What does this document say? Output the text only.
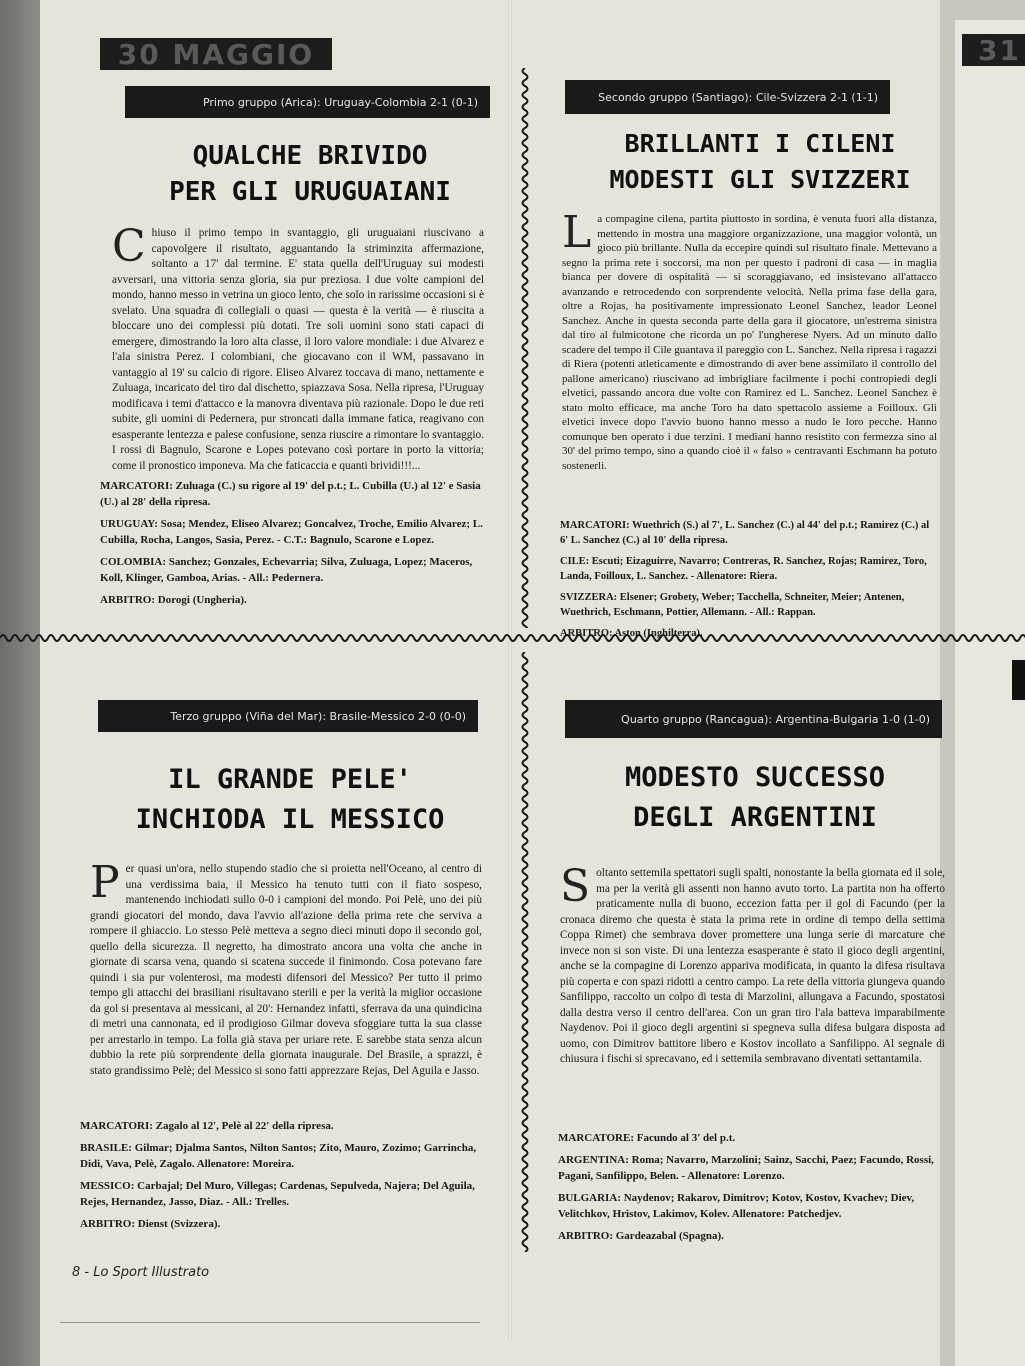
30 MAGGIO	31
Primo gruppo (Arica): Uruguay-Colombia 2-1 (0-1)
QUALCHE BRIVIDO
PER GLI URUGUAIANI
Chiuso il primo tempo in svantaggio, gli uruguaiani riuscivano a capovolgere il risultato, agguantando la striminzita affermazione, soltanto a 17' dal termine. E' stata quella dell'Uruguay sui modesti avversari, una vittoria senza gloria, sia pur preziosa. I due volte campioni del mondo, hanno messo in vetrina un gioco lento, che solo in rarissime occasioni si è svelato. Una squadra di collegiali o quasi — questa è la verità — è riuscita a bloccare uno dei complessi più dotati. Tre soli uomini sono stati capaci di emergere, dimostrando la loro alta classe, il loro valore mondiale: i due Alvarez e l'ala sinistra Perez. I colombiani, che giocavano con il WM, passavano in vantaggio al 19' su calcio di rigore. Eliseo Alvarez toccava di mano, nettamente e Zuluaga, incaricato del tiro dal dischetto, spiazzava Sosa. Nella ripresa, l'Uruguay modificava i temi d'attacco e la manovra diventava più razionale. Dopo le due reti subite, gli uomini di Pedernera, pur stroncati dalla immane fatica, reagivano con esasperante lentezza e palese confusione, senza riuscire a rimontare lo svantaggio. I rossi di Bagnulo, Scarone e Lopes potevano così portare in porto la vittoria; come il pronostico imponeva. Ma che faticaccia e quanti brividi!!!...

MARCATORI: Zuluaga (C.) su rigore al 19' del p.t.; L. Cubilla (U.) al 12' e Sasia (U.) al 28' della ripresa.

URUGUAY: Sosa; Mendez, Eliseo Alvarez; Goncalvez, Troche, Emilio Alvarez; L. Cubilla, Rocha, Langos, Sasia, Perez. - C.T.: Bagnulo, Scarone e Lopez.

COLOMBIA: Sanchez; Gonzales, Echevarria; Silva, Zuluaga, Lopez; Maceros, Koll, Klinger, Gamboa, Arias. - All.: Pedernera.

ARBITRO: Dorogi (Ungheria).

Secondo gruppo (Santiago): Cile-Svizzera 2-1 (1-1)
BRILLANTI I CILENI
MODESTI GLI SVIZZERI
La compagine cilena, partita piuttosto in sordina, è venuta fuori alla distanza, mettendo in mostra una maggiore organizzazione, una maggior volontà, un gioco più brillante. Nulla da eccepire quindi sul risultato finale. Mettevano a segno la prima rete i soccorsi, ma non per questo i padroni di casa — in maglia bianca per dovere di ospitalità — si scoraggiavano, ed insistevano all'attacco avanzando e retrocedendo con sorprendente velocità. Nella prima fase della gara, oltre a Rojas, ha positivamente impressionato Leonel Sanchez, leador Leonel Sanchez. Anche in questa seconda parte della gara il giocatore, un'estrema sinistra dal tiro al fulmicotone che ricorda un po' l'ungherese Nyers. Ad un minuto dallo scadere del tempo il Cile guantava il pareggio con L. Sanchez. Nella ripresa i ragazzi di Riera (potenti atleticamente e dimostrando di aver bene assimilato il controllo del pallone americano) riuscivano ad imbrigliare facilmente i pochi contropiedi degli elvetici, passando ancora due volte con Ramirez ed L. Sanchez. Leonel Sanchez è stato molto efficace, ma anche Toro ha dato spettacolo assieme a Foilloux. Gli elvetici invece dopo l'avvio buono hanno messo a nudo le loro pecche. Hanno comunque ben operato i due terzini. I mediani hanno resistito con fermezza sino al 30' del primo tempo, sino a quando cioè il « falso » centravanti Eschmann ha potuto sostenerli.

MARCATORI: Wuethrich (S.) al 7', L. Sanchez (C.) al 44' del p.t.; Ramirez (C.) al 6' L. Sanchez (C.) al 10' della ripresa.

CILE: Escuti; Eizaguirre, Navarro; Contreras, R. Sanchez, Rojas; Ramirez, Toro, Landa, Foilloux, L. Sanchez. - Allenatore: Riera.

SVIZZERA: Elsener; Grobety, Weber; Tacchella, Schneiter, Meier; Antenen, Wuethrich, Eschmann, Pottier, Allemann. - All.: Rappan.

ARBITRO: Aston (Inghilterra).

Terzo gruppo (Viña del Mar): Brasile-Messico 2-0 (0-0)
IL GRANDE PELE'
INCHIODA IL MESSICO
Per quasi un'ora, nello stupendo stadio che si proietta nell'Oceano, al centro di una verdissima baia, il Messico ha tenuto tutti con il fiato sospeso, mantenendo inchiodati sullo 0-0 i campioni del mondo. Poi Pelè, uno dei più grandi giocatori del mondo, dava l'avvio all'azione della prima rete che serviva a rompere il ghiaccio. Lo stesso Pelè metteva a segno dieci minuti dopo il secondo gol, quello della sicurezza. Il negretto, ha dimostrato ancora una volta che anche in giornate di scarsa vena, quando si scatena succede il finimondo. Cosa potevano fare quindi i sia pur volenterosi, ma modesti difensori del Messico? Per tutto il primo tempo gli attacchi dei brasiliani risultavano sterili e per la verità la miglior occasione da gol si presentava ai messicani, al 20': Hernandez infatti, sferrava da una quindicina di metri una cannonata, ed il prodigioso Gilmar doveva sfoggiare tutta la sua classe per arrestarlo in tempo. La folla già stava per uriare rete. E sarebbe stata senza alcun dubbio la rete più sorprendente della giornata inaugurale. Del Brasile, a sprazzi, è stato grandissimo Pelè; del Messico si sono fatti apprezzare Rejas, Del Aguila e Jasso.

MARCATORI: Zagalo al 12', Pelè al 22' della ripresa.

BRASILE: Gilmar; Djalma Santos, Nilton Santos; Zito, Mauro, Zozimo; Garrincha, Didi, Vava, Pelè, Zagalo. Allenatore: Moreira.

MESSICO: Carbajal; Del Muro, Villegas; Cardenas, Sepulveda, Najera; Del Aguila, Rejes, Hernandez, Jasso, Diaz. - All.: Trelles.

ARBITRO: Dienst (Svizzera).

Quarto gruppo (Rancagua): Argentina-Bulgaria 1-0 (1-0)
MODESTO SUCCESSO
DEGLI ARGENTINI
Soltanto settemila spettatori sugli spalti, nonostante la bella giornata ed il sole, ma per la verità gli assenti non hanno avuto torto. La partita non ha offerto praticamente nulla di buono, eccezion fatta per il gol di Facundo (per la cronaca diremo che questa è stata la prima rete in ordine di tempo della settima Coppa Rimet) che sembrava dover promettere una lunga serie di marcature che invece non si son viste. Di una lentezza esasperante è stato il gioco degli argentini, anche se la compagine di Lorenzo appariva modificata, in quanto la difesa risultava più coperta e con spazi ridotti a centro campo. La rete della vittoria giungeva quando Sanfilippo, raccolto un colpo di testa di Marzolini, allungava a Facundo, spostatosi dalla destra verso il centro dell'area. Con un gran tiro l'ala batteva imparabilmente Naydenov. Poi il gioco degli argentini si spegneva sulla difesa bulgara disposta ad uomo, con Dimitrov battitore libero e Kostov incollato a Sanfilippo. Al segnale di chiusura i fischi si sprecavano, ed i settemila sembravano diventati settantamila.

MARCATORE: Facundo al 3' del p.t.

ARGENTINA: Roma; Navarro, Marzolini; Sainz, Sacchi, Paez; Facundo, Rossi, Pagani, Sanfilippo, Belen. - Allenatore: Lorenzo.

BULGARIA: Naydenov; Rakarov, Dimitrov; Kotov, Kostov, Kvachev; Diev, Velitchkov, Hristov, Lakimov, Kolev. Allenatore: Patchedjev.

ARBITRO: Gardeazabal (Spagna).

8 - Lo Sport Illustrato
